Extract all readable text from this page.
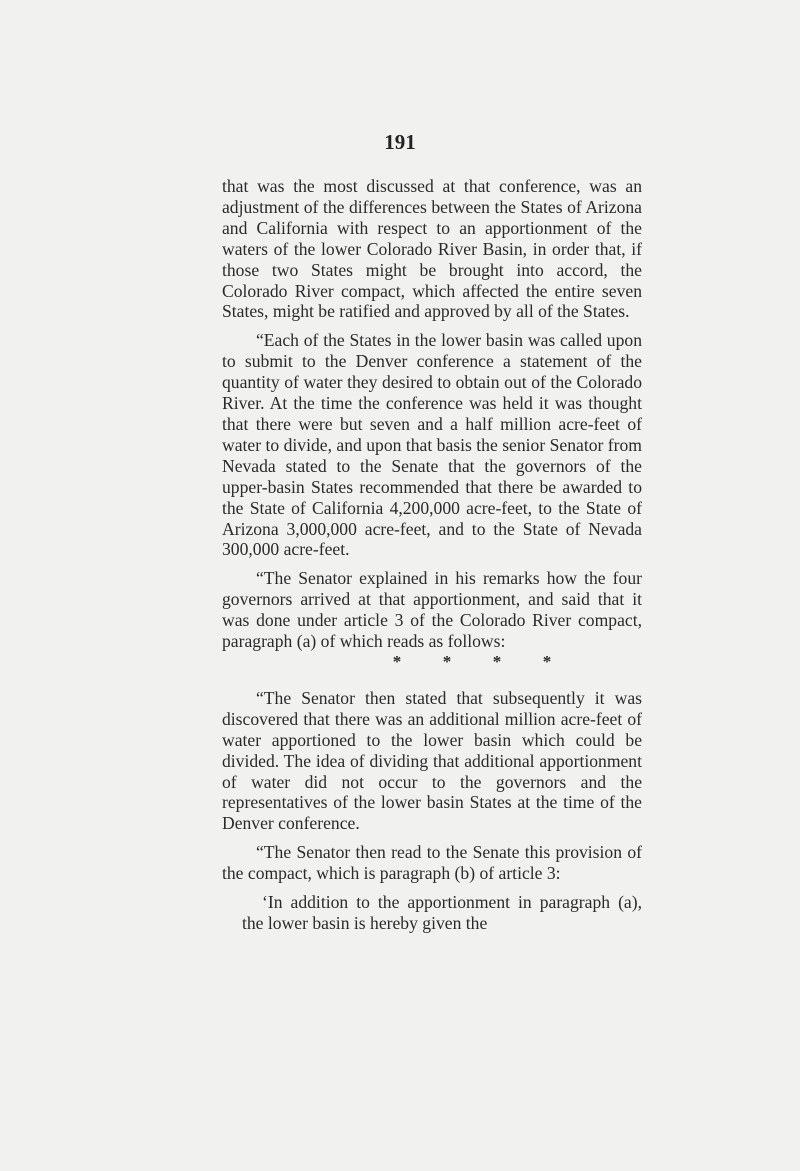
191

that was the most discussed at that conference, was an adjustment of the differences between the States of Arizona and California with respect to an apportionment of the waters of the lower Colorado River Basin, in order that, if those two States might be brought into accord, the Colorado River compact, which affected the entire seven States, might be ratified and approved by all of the States.

“Each of the States in the lower basin was called upon to submit to the Denver conference a statement of the quantity of water they desired to obtain out of the Colorado River. At the time the conference was held it was thought that there were but seven and a half million acre-feet of water to divide, and upon that basis the senior Senator from Nevada stated to the Senate that the governors of the upper-basin States recommended that there be awarded to the State of California 4,200,000 acre-feet, to the State of Arizona 3,000,000 acre-feet, and to the State of Nevada 300,000 acre-feet.

“The Senator explained in his remarks how the four governors arrived at that apportionment, and said that it was done under article 3 of the Colorado River compact, paragraph (a) of which reads as follows:

* * * *

“The Senator then stated that subsequently it was discovered that there was an additional million acre-feet of water apportioned to the lower basin which could be divided. The idea of dividing that additional apportionment of water did not occur to the governors and the representatives of the lower basin States at the time of the Denver conference.

“The Senator then read to the Senate this provision of the compact, which is paragraph (b) of article 3:

‘In addition to the apportionment in paragraph (a), the lower basin is hereby given the
